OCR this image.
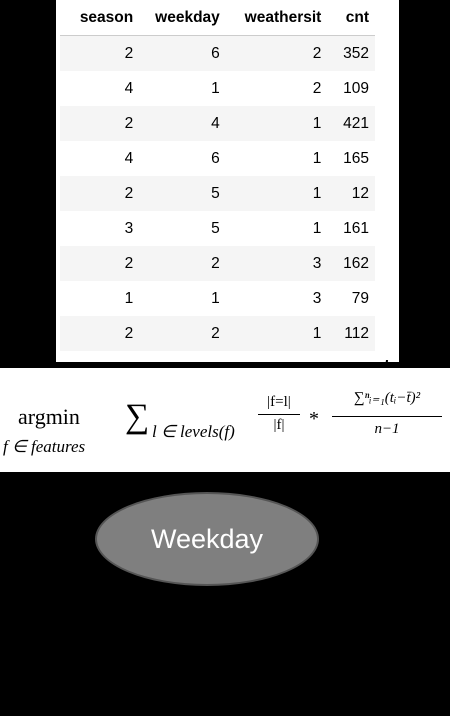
season	weekday	weathersit	cnt
2	6	2	352
4	1	2	109
2	4	1	421
4	6	1	165
2	5	1	12
3	5	1	161
2	2	3	162
1	1	3	79
2	2	1	112
argmin
f ∈ features
∑ l ∈ levels(f)
|f=l|
|f|	*
∑ⁿᵢ₌₁(tᵢ−t̄)²
n−1
Weekday
